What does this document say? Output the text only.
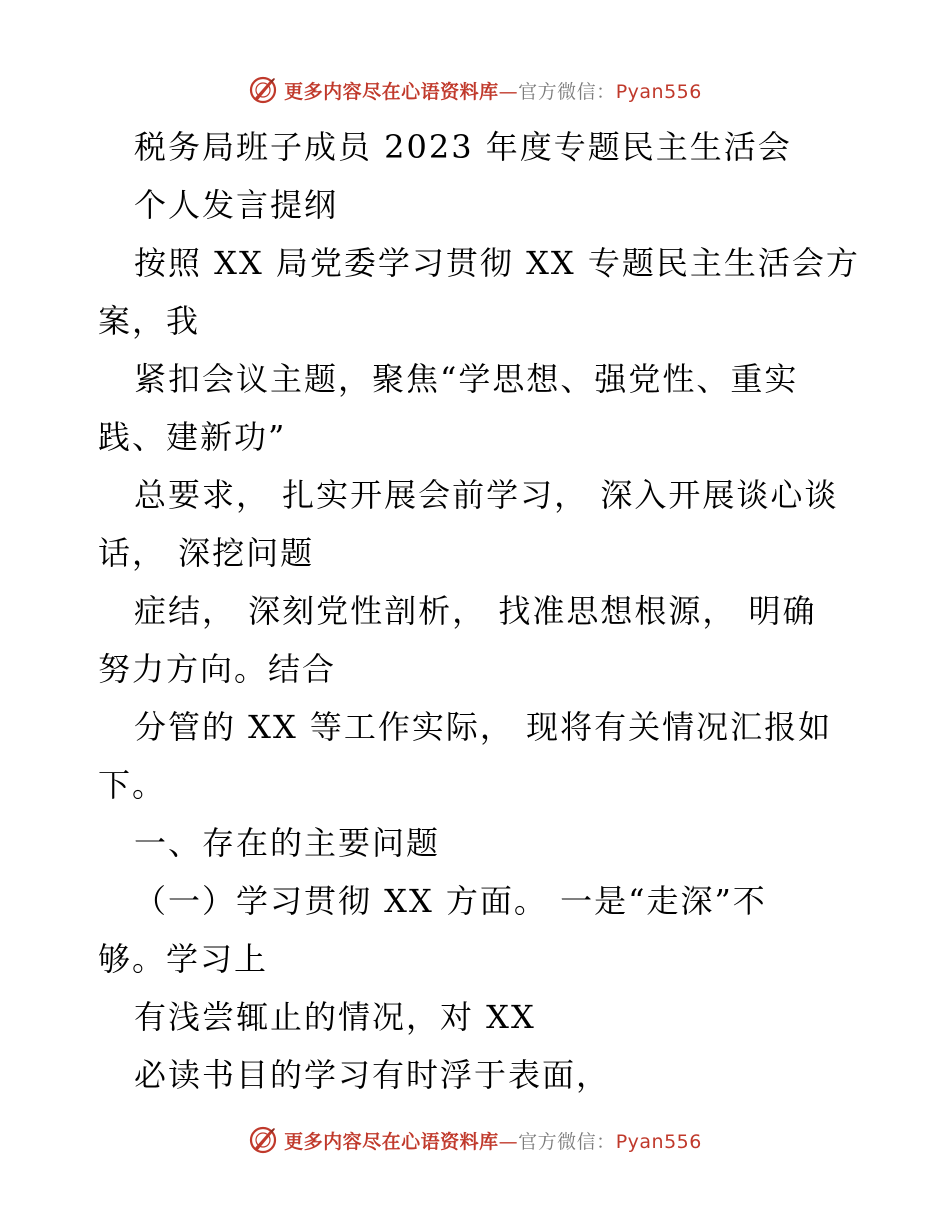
更多内容尽在心语资料库—官方微信：Pyan556
税务局班子成员 2023 年度专题民主生活会
个人发言提纲
按照 XX 局党委学习贯彻 XX 专题民主生活会方
案，我
紧扣会议主题，聚焦“学思想、强党性、重实
践、建新功”
总要求， 扎实开展会前学习， 深入开展谈心谈
话， 深挖问题
症结， 深刻党性剖析， 找准思想根源， 明确
努力方向。结合
分管的 XX 等工作实际， 现将有关情况汇报如
下。
一、存在的主要问题
（一）学习贯彻 XX 方面。 一是“走深”不
够。学习上
有浅尝辄止的情况，对 XX
必读书目的学习有时浮于表面，
更多内容尽在心语资料库—官方微信：Pyan556
